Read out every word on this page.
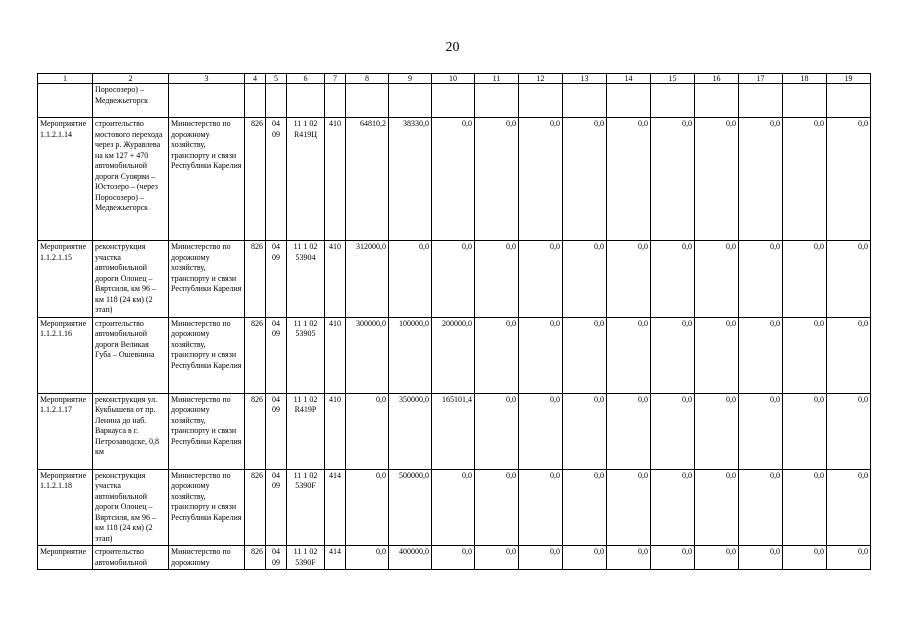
20
1	2	3	4	5	6	7	8	9	10	11	12	13	14	15	16	17	18	19
	Поросозеро) – Медвежьегорск																	
Мероприятие 1.1.2.1.14	строительство мостового перехода через р. Журавлева на км 127 + 470 автомобильной дороги Суоярви – Юстозеро – (через Поросозеро) – Медвежьегорск	Министерство по дорожному хозяйству, транспорту и связи Республики Карелия	826	04 09	11 1 02 R419Ц	410	64810,2	38330,0	0,0	0,0	0,0	0,0	0,0	0,0	0,0	0,0	0,0	0,0
Мероприятие 1.1.2.1.15	реконструкция участка автомобильной дороги Олонец – Вяртсиля, км 96 – км 118 (24 км) (2 этап)	Министерство по дорожному хозяйству, транспорту и связи Республики Карелия	826	04 09	11 1 02 53904	410	312000,0	0,0	0,0	0,0	0,0	0,0	0,0	0,0	0,0	0,0	0,0	0,0
Мероприятие 1.1.2.1.16	строительство автомобильной дороги Великая Губа – Ошевнина	Министерство по дорожному хозяйству, транспорту и связи Республики Карелия	826	04 09	11 1 02 53905	410	300000,0	100000,0	200000,0	0,0	0,0	0,0	0,0	0,0	0,0	0,0	0,0	0,0
Мероприятие 1.1.2.1.17	реконструкция ул. Кукбышева от пр. Ленина до наб. Варкауса в г. Петрозаводске, 0,8 км	Министерство по дорожному хозяйству, транспорту и связи Республики Карелия	826	04 09	11 1 02 R419Р	410	0,0	350000,0	165101,4	0,0	0,0	0,0	0,0	0,0	0,0	0,0	0,0	0,0
Мероприятие 1.1.2.1.18	реконструкция участка автомобильной дороги Олонец – Вяртсиля, км 96 – км 118 (24 км) (2 этап)	Министерство по дорожному хозяйству, транспорту и связи Республики Карелия	826	04 09	11 1 02 5390F	414	0,0	500000,0	0,0	0,0	0,0	0,0	0,0	0,0	0,0	0,0	0,0	0,0
Мероприятие	строительство автомобильной	Министерство по дорожному	826	04 09	11 1 02 5390F	414	0,0	400000,0	0,0	0,0	0,0	0,0	0,0	0,0	0,0	0,0	0,0	0,0
